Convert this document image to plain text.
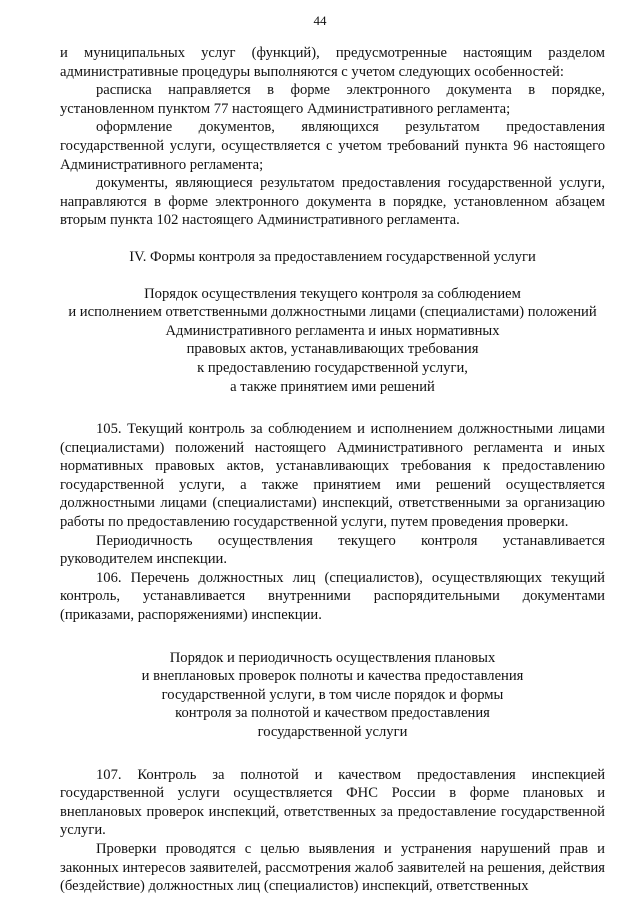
44

и муниципальных услуг (функций), предусмотренные настоящим разделом административные процедуры выполняются с учетом следующих особенностей:

расписка направляется в форме электронного документа в порядке, установленном пунктом 77 настоящего Административного регламента;

оформление документов, являющихся результатом предоставления государственной услуги, осуществляется с учетом требований пункта 96 настоящего Административного регламента;

документы, являющиеся результатом предоставления государственной услуги, направляются в форме электронного документа в порядке, установленном абзацем вторым пункта 102 настоящего Административного регламента.

IV. Формы контроля за предоставлением государственной услуги

Порядок осуществления текущего контроля за соблюдением

и исполнением ответственными должностными лицами (специалистами) положений

Административного регламента и иных нормативных

правовых актов, устанавливающих требования

к предоставлению государственной услуги,

а также принятием ими решений

105. Текущий контроль за соблюдением и исполнением должностными лицами (специалистами) положений настоящего Административного регламента и иных нормативных правовых актов, устанавливающих требования к предоставлению государственной услуги, а также принятием ими решений осуществляется должностными лицами (специалистами) инспекций, ответственными за организацию работы по предоставлению государственной услуги, путем проведения проверки.

Периодичность осуществления текущего контроля устанавливается руководителем инспекции.

106. Перечень должностных лиц (специалистов), осуществляющих текущий контроль, устанавливается внутренними распорядительными документами (приказами, распоряжениями) инспекции.

Порядок и периодичность осуществления плановых

и внеплановых проверок полноты и качества предоставления

государственной услуги, в том числе порядок и формы

контроля за полнотой и качеством предоставления

государственной услуги

107. Контроль за полнотой и качеством предоставления инспекцией государственной услуги осуществляется ФНС России в форме плановых и внеплановых проверок инспекций, ответственных за предоставление государственной услуги.

Проверки проводятся с целью выявления и устранения нарушений прав и законных интересов заявителей, рассмотрения жалоб заявителей на решения, действия (бездействие) должностных лиц (специалистов) инспекций, ответственных
